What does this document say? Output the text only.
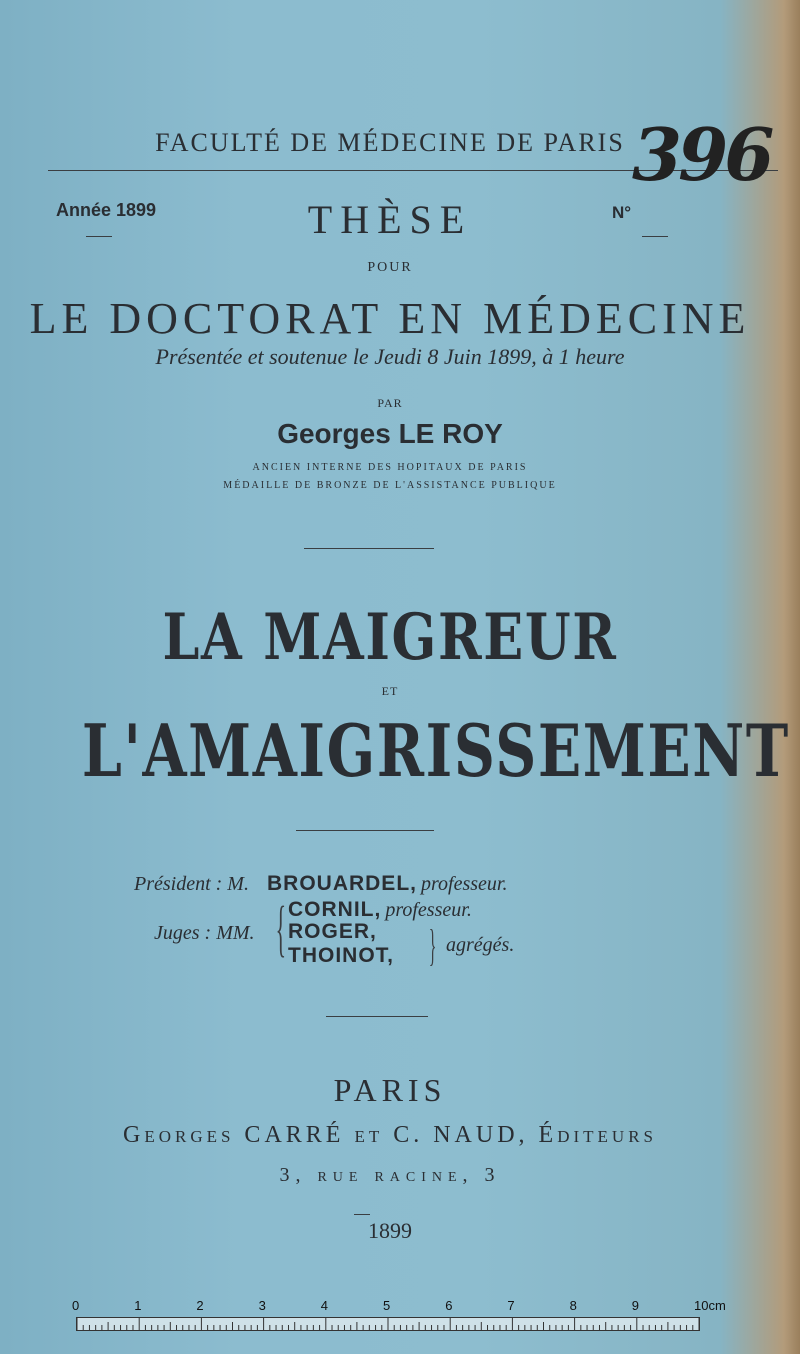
FACULTÉ DE MÉDECINE DE PARIS 396
Année 1899	N°
THÈSE
POUR
LE DOCTORAT EN MÉDECINE
Présentée et soutenue le Jeudi 8 Juin 1899, à 1 heure
PAR
Georges LE ROY
ANCIEN INTERNE DES HOPITAUX DE PARIS
MÉDAILLE DE BRONZE DE L'ASSISTANCE PUBLIQUE
LA MAIGREUR
ET
L'AMAIGRISSEMENT
Président : M. BROUARDEL, professeur.
Juges : MM. { CORNIL, professeur.
ROGER,
THOINOT, } agrégés.
PARIS
Georges CARRÉ et C. NAUD, Éditeurs
3, rue racine, 3
1899
0	1	2	3	4	5	6	7	8	9	10cm
